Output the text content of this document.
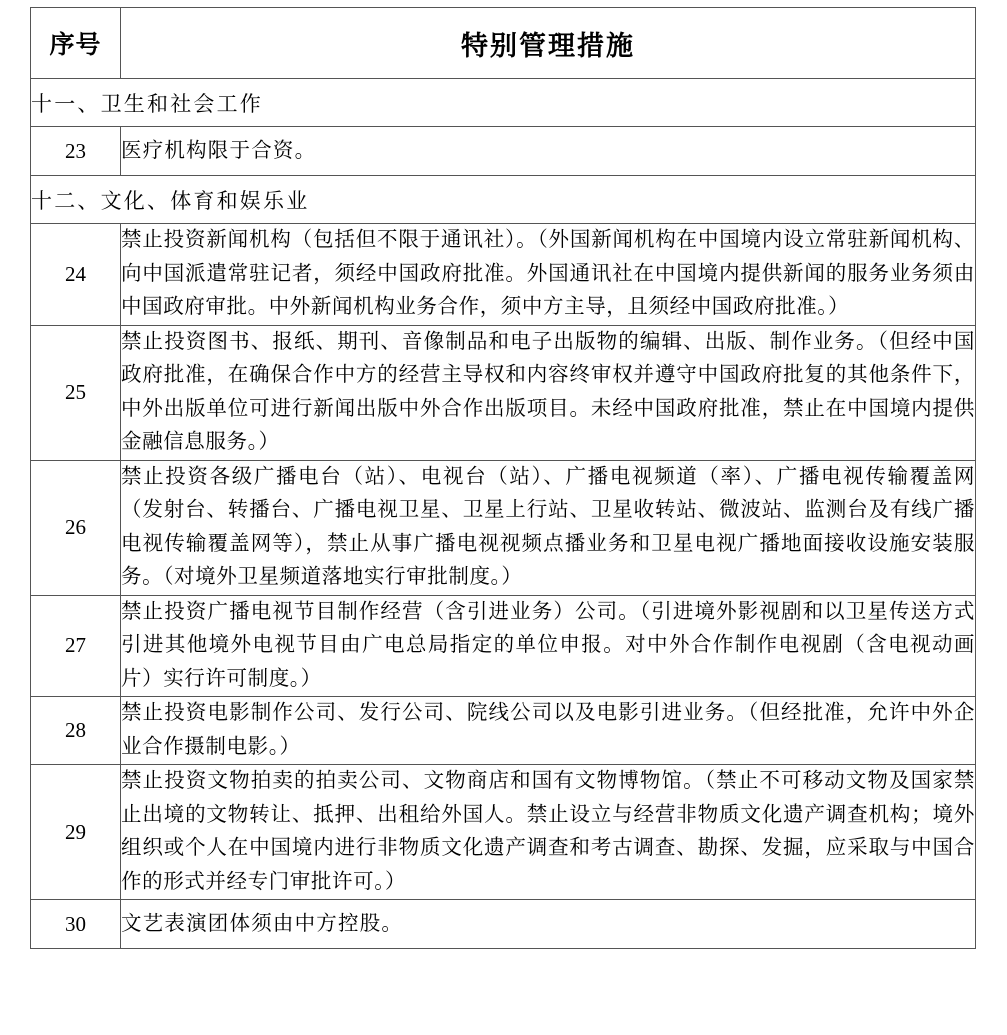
序号	特别管理措施
十一、卫生和社会工作	
23	医疗机构限于合资。
十二、文化、体育和娱乐业	
24	禁止投资新闻机构（包括但不限于通讯社）。（外国新闻机构在中国境内设立常驻新闻机构、向中国派遣常驻记者，须经中国政府批准。外国通讯社在中国境内提供新闻的服务业务须由中国政府审批。中外新闻机构业务合作，须中方主导，且须经中国政府批准。）
25	禁止投资图书、报纸、期刊、音像制品和电子出版物的编辑、出版、制作业务。（但经中国政府批准，在确保合作中方的经营主导权和内容终审权并遵守中国政府批复的其他条件下，中外出版单位可进行新闻出版中外合作出版项目。未经中国政府批准，禁止在中国境内提供金融信息服务。）
26	禁止投资各级广播电台（站）、电视台（站）、广播电视频道（率）、广播电视传输覆盖网（发射台、转播台、广播电视卫星、卫星上行站、卫星收转站、微波站、监测台及有线广播电视传输覆盖网等），禁止从事广播电视视频点播业务和卫星电视广播地面接收设施安装服务。（对境外卫星频道落地实行审批制度。）
27	禁止投资广播电视节目制作经营（含引进业务）公司。（引进境外影视剧和以卫星传送方式引进其他境外电视节目由广电总局指定的单位申报。对中外合作制作电视剧（含电视动画片）实行许可制度。）
28	禁止投资电影制作公司、发行公司、院线公司以及电影引进业务。（但经批准，允许中外企业合作摄制电影。）
29	禁止投资文物拍卖的拍卖公司、文物商店和国有文物博物馆。（禁止不可移动文物及国家禁止出境的文物转让、抵押、出租给外国人。禁止设立与经营非物质文化遗产调查机构；境外组织或个人在中国境内进行非物质文化遗产调查和考古调查、勘探、发掘，应采取与中国合作的形式并经专门审批许可。）
30	文艺表演团体须由中方控股。
